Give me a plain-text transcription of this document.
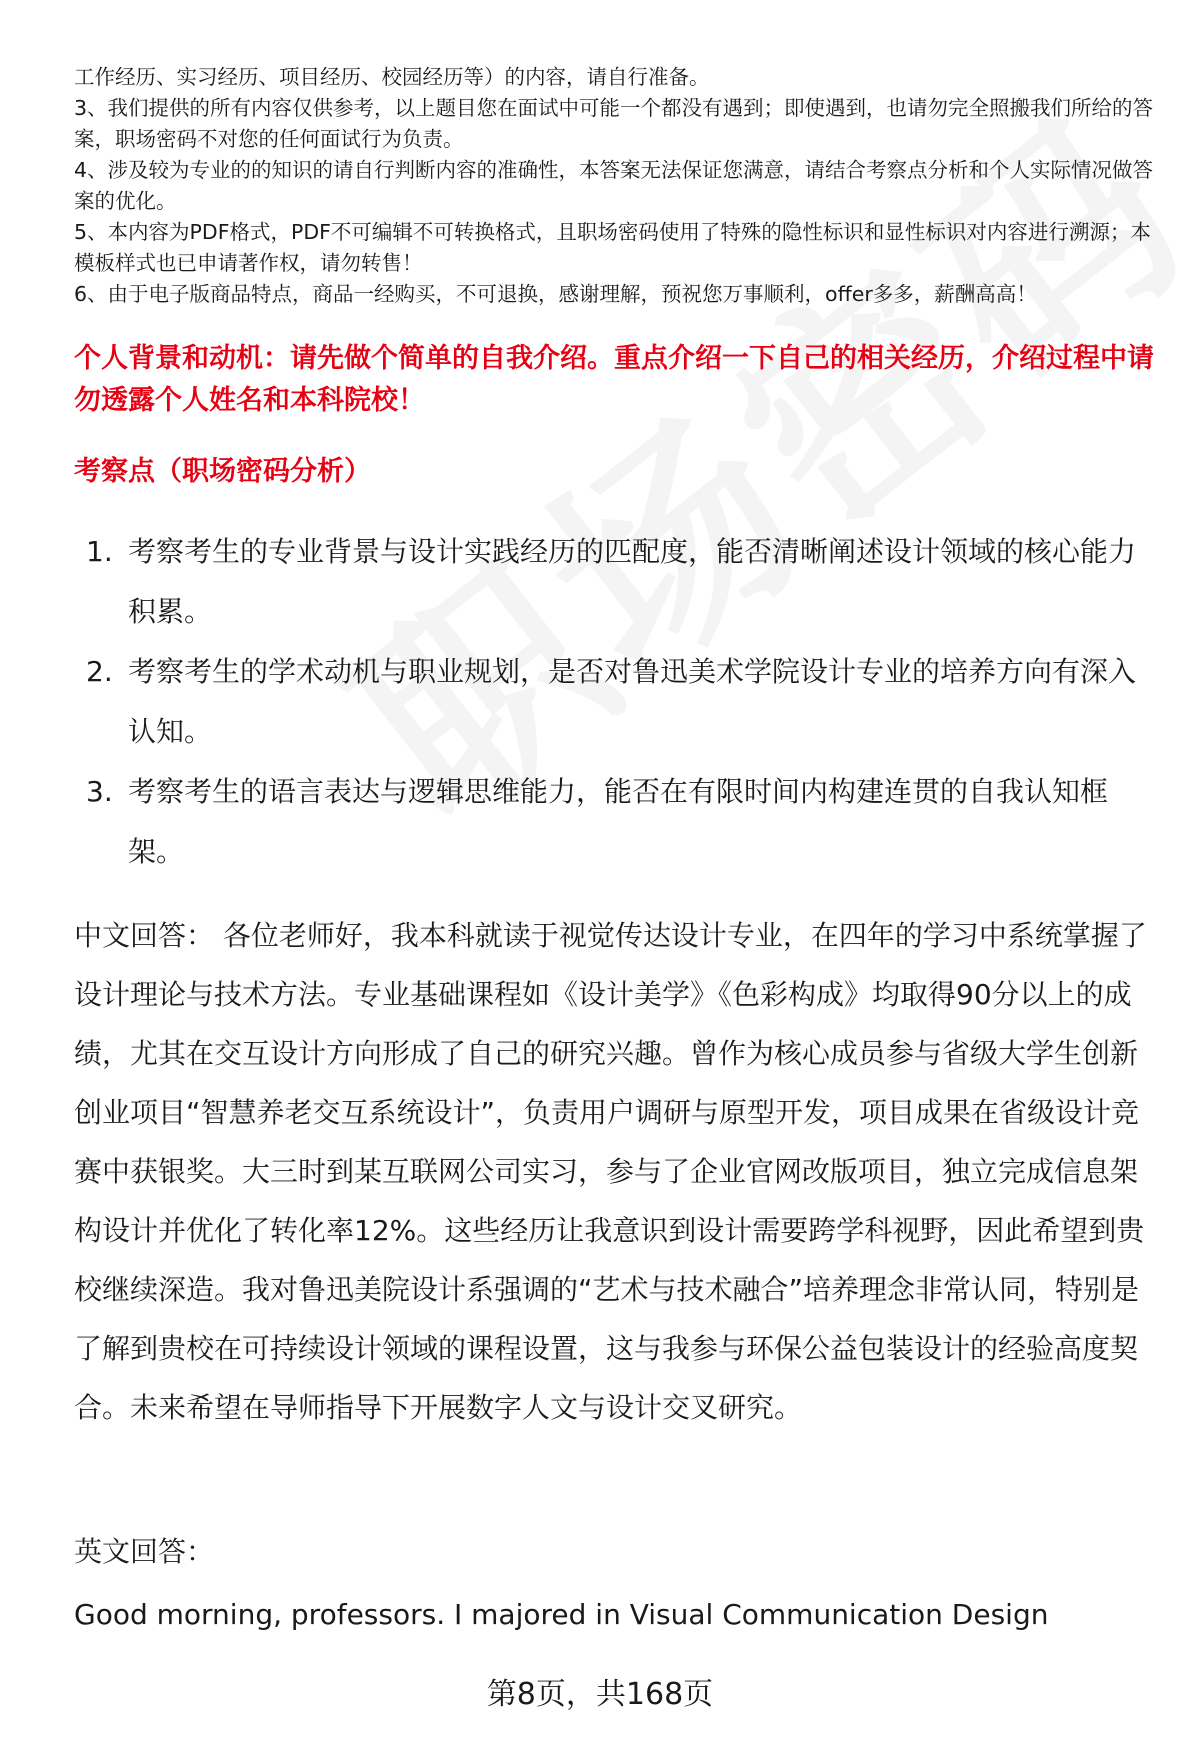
工作经历、实习经历、项目经历、校园经历等）的内容，请自行准备。

3、我们提供的所有内容仅供参考，以上题目您在面试中可能一个都没有遇到；即使遇到，也请勿完全照搬我们所给的答案，职场密码不对您的任何面试行为负责。

4、涉及较为专业的的知识的请自行判断内容的准确性，本答案无法保证您满意，请结合考察点分析和个人实际情况做答案的优化。

5、本内容为PDF格式，PDF不可编辑不可转换格式，且职场密码使用了特殊的隐性标识和显性标识对内容进行溯源；本模板样式也已申请著作权，请勿转售！

6、由于电子版商品特点，商品一经购买，不可退换，感谢理解，预祝您万事顺利，offer多多，薪酬高高！

个人背景和动机：请先做个简单的自我介绍。重点介绍一下自己的相关经历，介绍过程中请勿透露个人姓名和本科院校！

考察点（职场密码分析）

1. 考察考生的专业背景与设计实践经历的匹配度，能否清晰阐述设计领域的核心能力积累。
2. 考察考生的学术动机与职业规划，是否对鲁迅美术学院设计专业的培养方向有深入认知。
3. 考察考生的语言表达与逻辑思维能力，能否在有限时间内构建连贯的自我认知框架。

中文回答： 各位老师好，我本科就读于视觉传达设计专业，在四年的学习中系统掌握了设计理论与技术方法。专业基础课程如《设计美学》《色彩构成》均取得90分以上的成绩，尤其在交互设计方向形成了自己的研究兴趣。曾作为核心成员参与省级大学生创新创业项目“智慧养老交互系统设计”，负责用户调研与原型开发，项目成果在省级设计竞赛中获银奖。大三时到某互联网公司实习，参与了企业官网改版项目，独立完成信息架构设计并优化了转化率12%。这些经历让我意识到设计需要跨学科视野，因此希望到贵校继续深造。我对鲁迅美院设计系强调的“艺术与技术融合”培养理念非常认同，特别是了解到贵校在可持续设计领域的课程设置，这与我参与环保公益包装设计的经验高度契合。未来希望在导师指导下开展数字人文与设计交叉研究。

英文回答：

Good morning, professors. I majored in Visual Communication Design

第8页，共168页
